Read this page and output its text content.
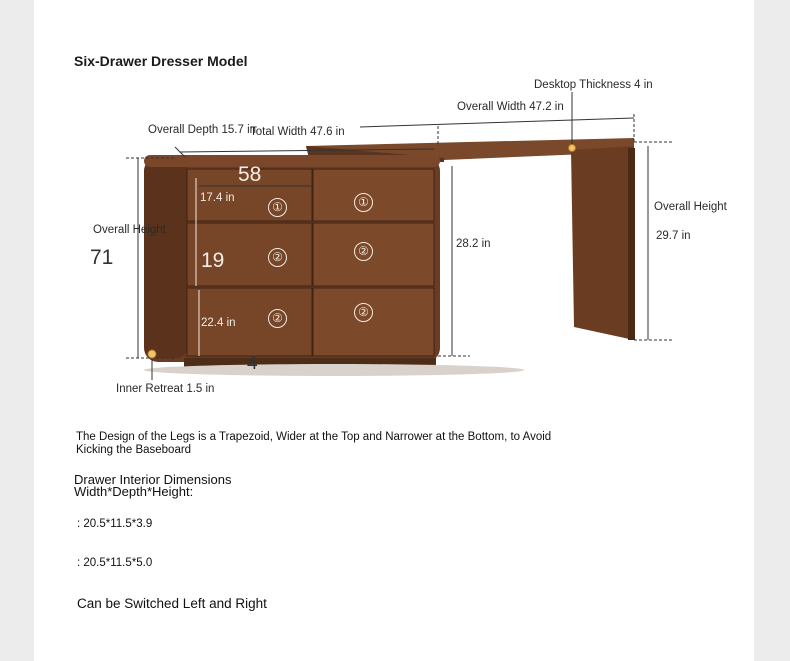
Six-Drawer Dresser Model
Desktop Thickness 4 in
Overall Width 47.2 in
Overall Depth 15.7 in
Total Width 47.6 in
Overall Height
71
Overall Height
29.7 in
28.2 in
17.4 in
58
19
22.4 in
Inner Retreat 1.5 in
4
①	①
②	②
②	②
The Design of the Legs is a Trapezoid, Wider at the Top and Narrower at the Bottom, to Avoid Kicking the Baseboard
Drawer Interior Dimensions
Width*Depth*Height:
: 20.5*11.5*3.9
: 20.5*11.5*5.0
Can be Switched Left and Right
